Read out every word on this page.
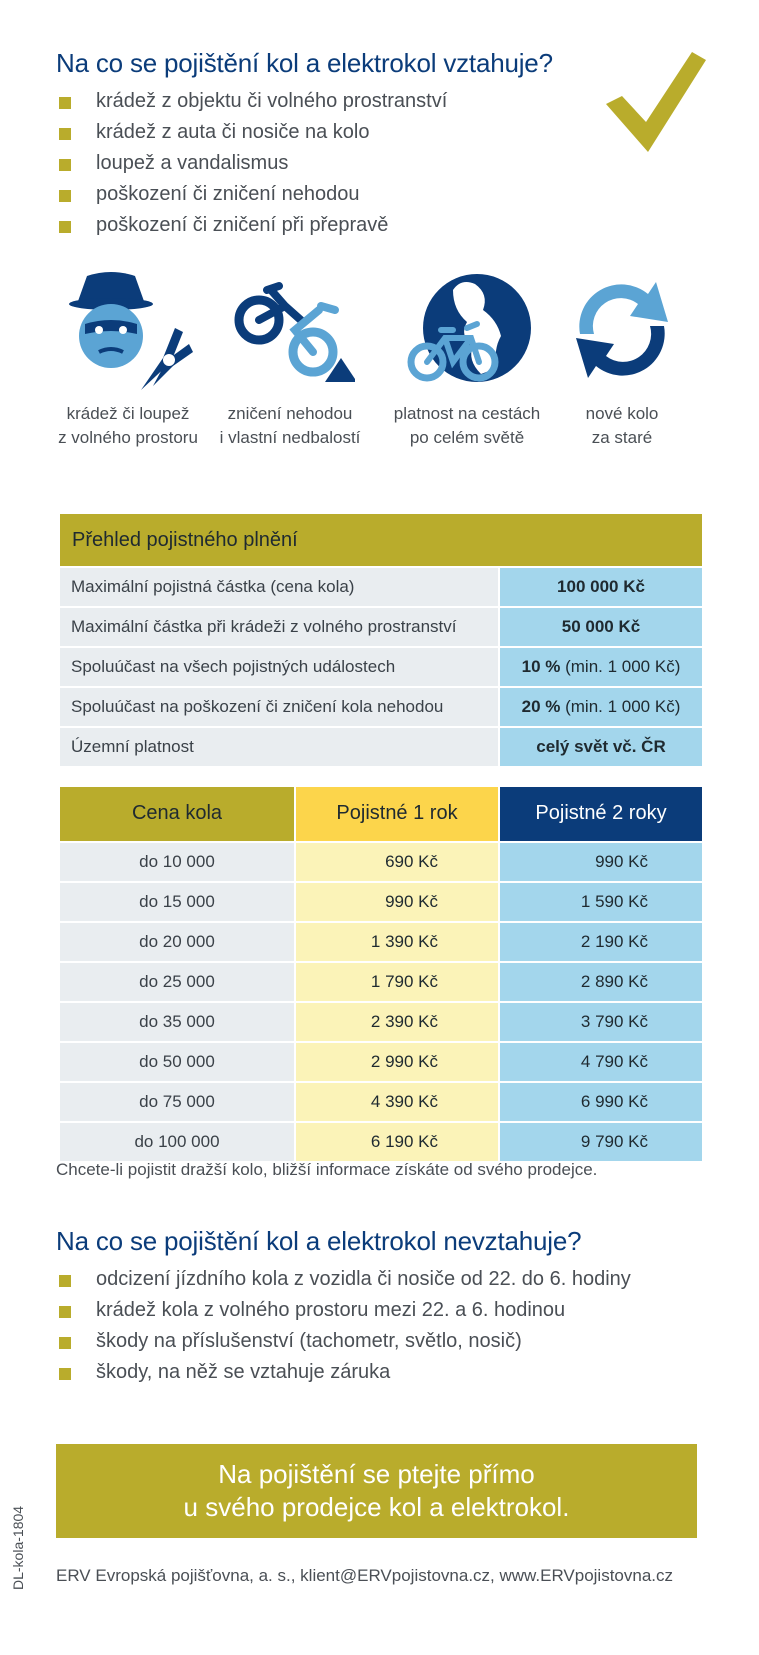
Na co se pojištění kol a elektrokol vztahuje?
krádež z objektu či volného prostranství
krádež z auta či nosiče na kolo
loupež a vandalismus
poškození či zničení nehodou
poškození či zničení při přepravě
krádež či loupež
z volného prostoru
zničení nehodou
i vlastní nedbalostí
platnost na cestách
po celém světě
nové kolo
za staré
Přehled pojistného plnění
Maximální pojistná částka (cena kola)	100 000 Kč
Maximální částka při krádeži z volného prostranství	50 000 Kč
Spoluúčast na všech pojistných událostech	10 % (min. 1 000 Kč)
Spoluúčast na poškození či zničení kola nehodou	20 % (min. 1 000 Kč)
Územní platnost	celý svět vč. ČR
Cena kola	Pojistné 1 rok	Pojistné 2 roky
do 10 000	690 Kč	990 Kč
do 15 000	990 Kč	1 590 Kč
do 20 000	1 390 Kč	2 190 Kč
do 25 000	1 790 Kč	2 890 Kč
do 35 000	2 390 Kč	3 790 Kč
do 50 000	2 990 Kč	4 790 Kč
do 75 000	4 390 Kč	6 990 Kč
do 100 000	6 190 Kč	9 790 Kč
Chcete-li pojistit dražší kolo, bližší informace získáte od svého prodejce.
Na co se pojištění kol a elektrokol nevztahuje?
odcizení jízdního kola z vozidla či nosiče od 22. do 6. hodiny
krádež kola z volného prostoru mezi 22. a 6. hodinou
škody na příslušenství (tachometr, světlo, nosič)
škody, na něž se vztahuje záruka
Na pojištění se ptejte přímo
u svého prodejce kol a elektrokol.
ERV Evropská pojišťovna, a. s., klient@ERVpojistovna.cz, www.ERVpojistovna.cz
DL-kola-1804
